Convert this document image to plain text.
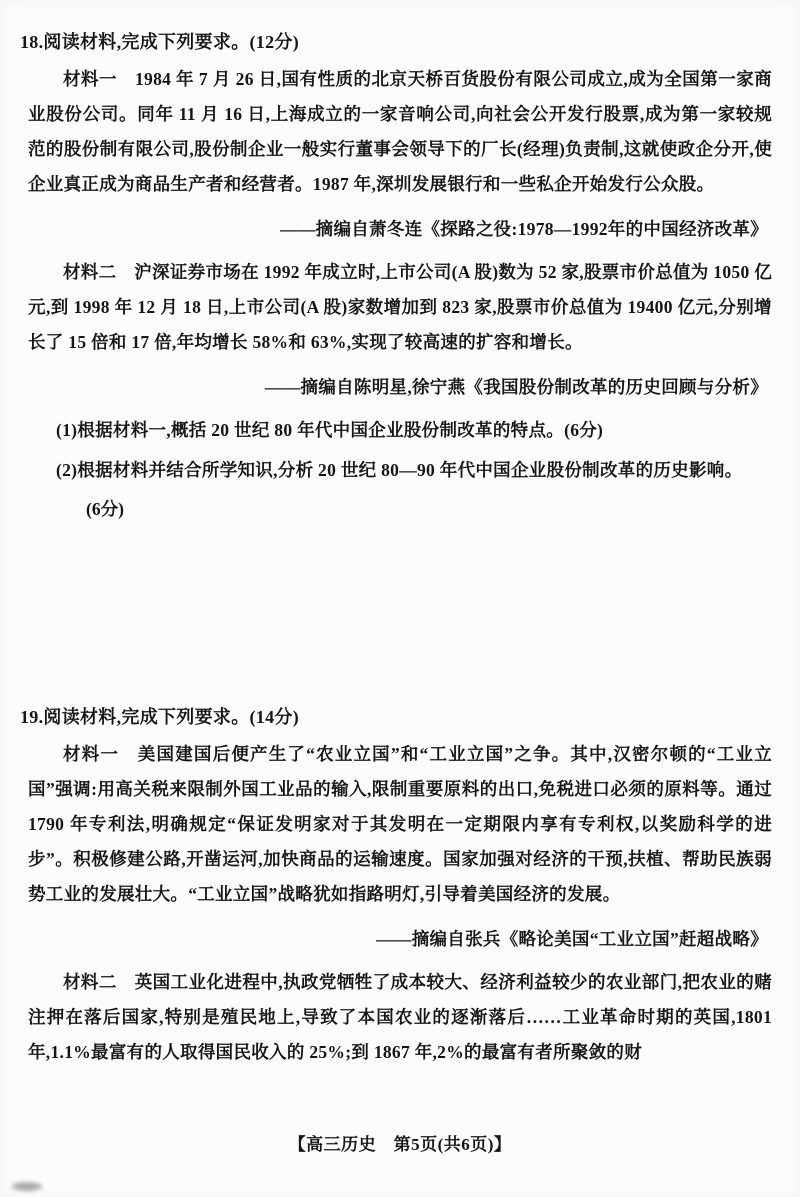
18.阅读材料,完成下列要求。(12分)

材料一　1984 年 7 月 26 日,国有性质的北京天桥百货股份有限公司成立,成为全国第一家商业股份公司。同年 11 月 16 日,上海成立的一家音响公司,向社会公开发行股票,成为第一家较规范的股份制有限公司,股份制企业一般实行董事会领导下的厂长(经理)负责制,这就使政企分开,使企业真正成为商品生产者和经营者。1987 年,深圳发展银行和一些私企开始发行公众股。

——摘编自萧冬连《探路之役:1978—1992年的中国经济改革》

材料二　沪深证券市场在 1992 年成立时,上市公司(A 股)数为 52 家,股票市价总值为 1050 亿元,到 1998 年 12 月 18 日,上市公司(A 股)家数增加到 823 家,股票市价总值为 19400 亿元,分别增长了 15 倍和 17 倍,年均增长 58%和 63%,实现了较高速的扩容和增长。

——摘编自陈明星,徐宁燕《我国股份制改革的历史回顾与分析》

(1)根据材料一,概括 20 世纪 80 年代中国企业股份制改革的特点。(6分)

(2)根据材料并结合所学知识,分析 20 世纪 80—90 年代中国企业股份制改革的历史影响。

(6分)

19.阅读材料,完成下列要求。(14分)

材料一　美国建国后便产生了“农业立国”和“工业立国”之争。其中,汉密尔顿的“工业立国”强调:用高关税来限制外国工业品的输入,限制重要原料的出口,免税进口必须的原料等。通过 1790 年专利法,明确规定“保证发明家对于其发明在一定期限内享有专利权,以奖励科学的进步”。积极修建公路,开凿运河,加快商品的运输速度。国家加强对经济的干预,扶植、帮助民族弱势工业的发展壮大。“工业立国”战略犹如指路明灯,引导着美国经济的发展。

——摘编自张兵《略论美国“工业立国”赶超战略》

材料二　英国工业化进程中,执政党牺牲了成本较大、经济利益较少的农业部门,把农业的赌注押在落后国家,特别是殖民地上,导致了本国农业的逐渐落后……工业革命时期的英国,1801 年,1.1%最富有的人取得国民收入的 25%;到 1867 年,2%的最富有者所聚敛的财

【高三历史　第5页(共6页)】
